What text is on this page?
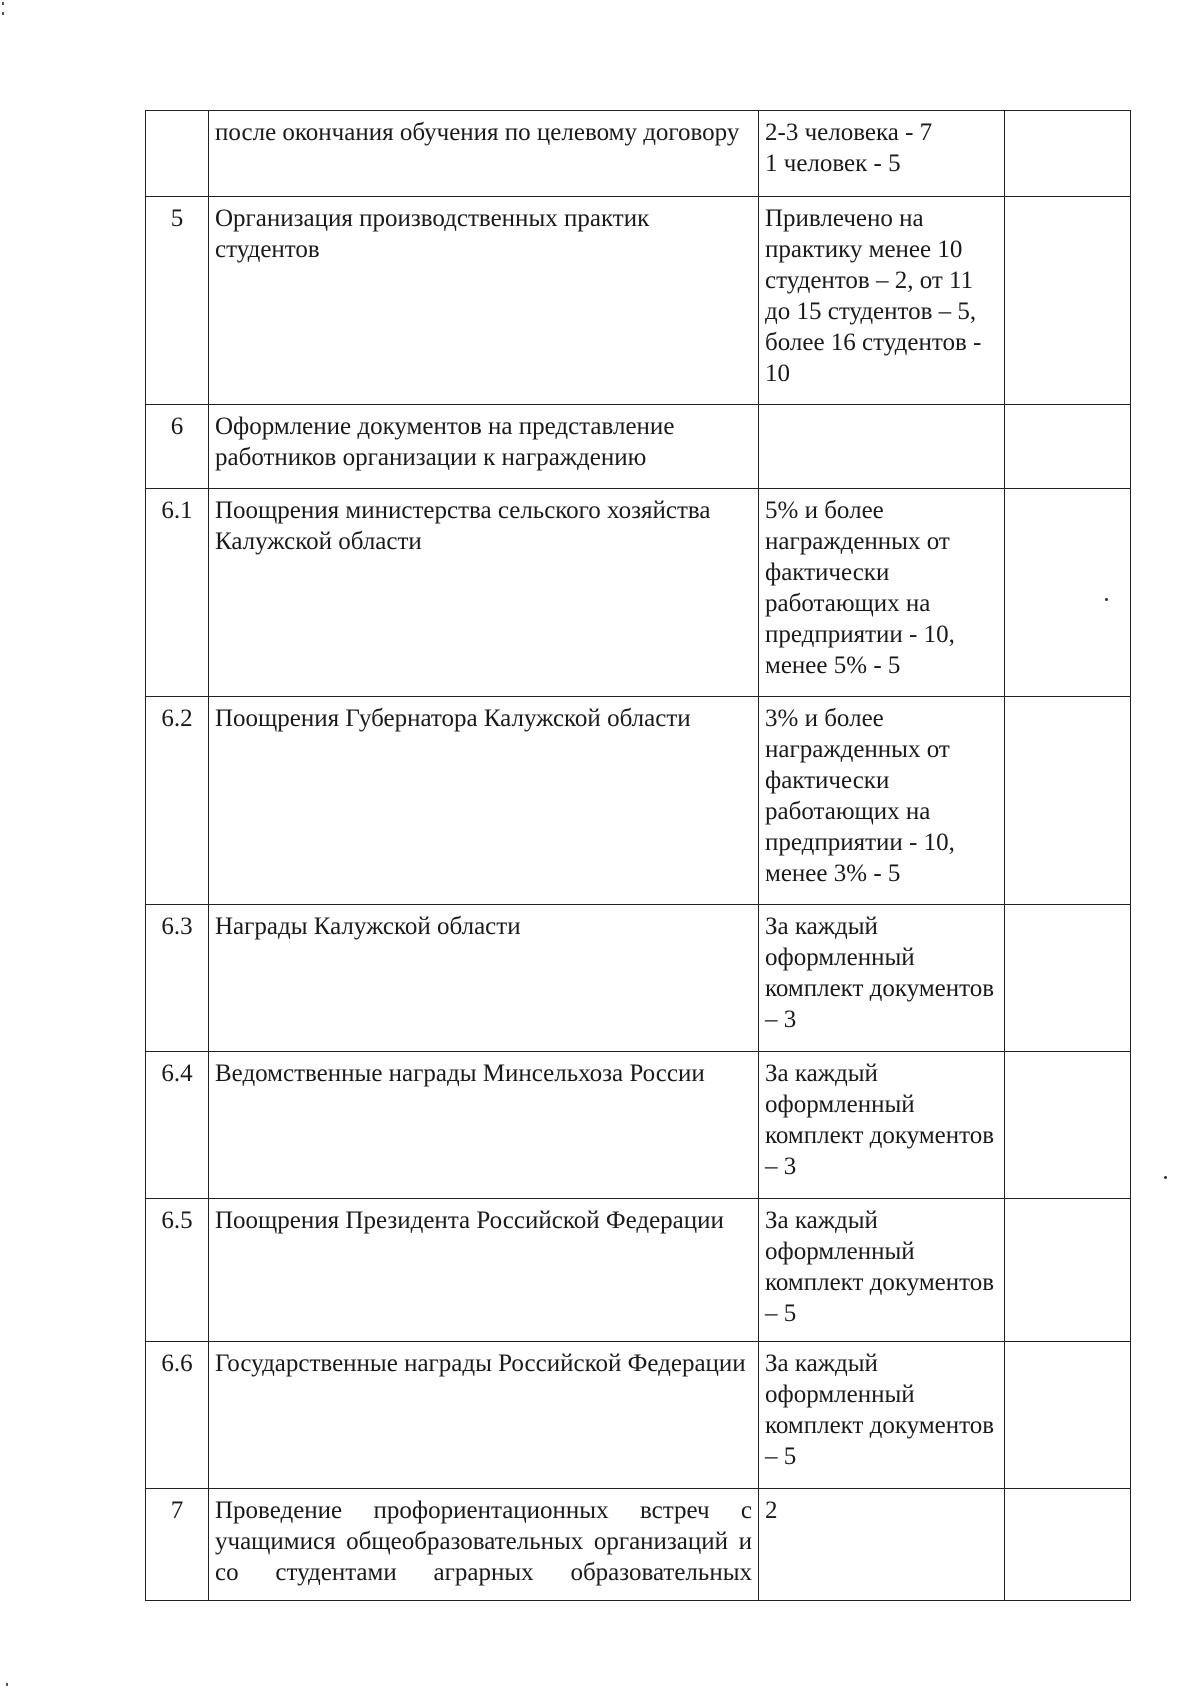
	после окончания обучения по целевому договору	2-3 человека - 7
1 человек - 5	
5	Организация производственных практик студентов	Привлечено на практику менее 10 студентов – 2, от 11 до 15 студентов – 5, более 16 студентов - 10	
6	Оформление документов на представление работников организации к награждению		
6.1	Поощрения министерства сельского хозяйства Калужской области	5% и более награжденных от фактически работающих на предприятии - 10, менее 5% - 5	
6.2	Поощрения Губернатора Калужской области	3% и более награжденных от фактически работающих на предприятии - 10, менее 3% - 5	
6.3	Награды Калужской области	За каждый оформленный комплект документов – 3	
6.4	Ведомственные награды Минсельхоза России	За каждый оформленный комплект документов – 3	
6.5	Поощрения Президента Российской Федерации	За каждый оформленный комплект документов – 5	
6.6	Государственные награды Российской Федерации	За каждый оформленный комплект документов – 5	
7	Проведение профориентационных встреч с учащимися общеобразовательных организаций и со студентами аграрных образовательных	2	
